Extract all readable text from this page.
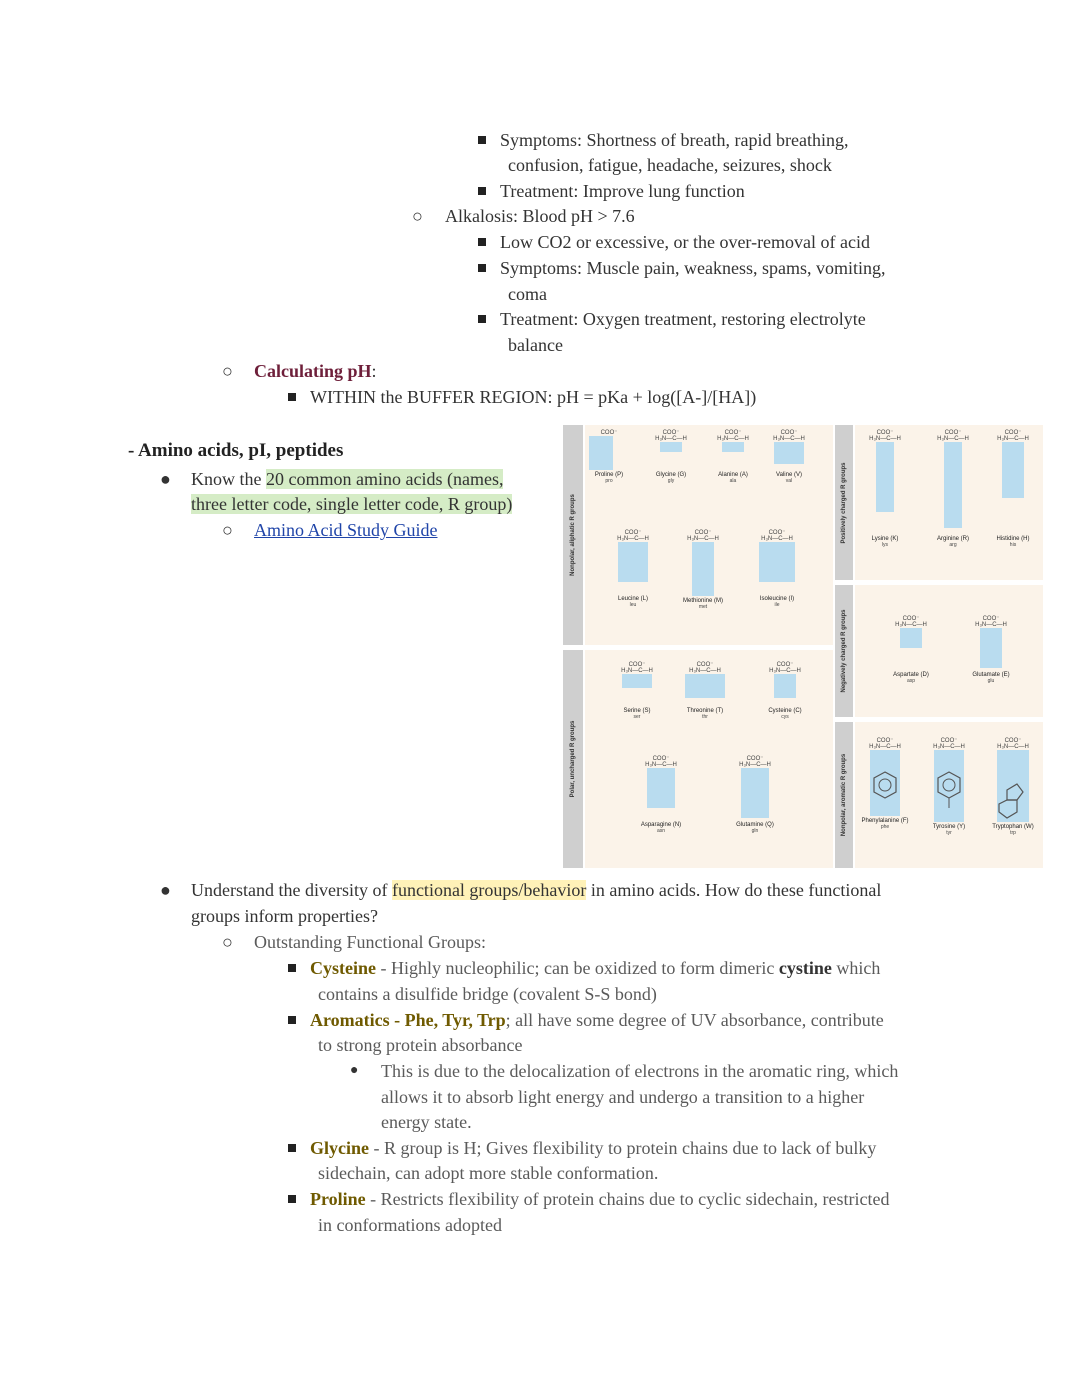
Symptoms: Shortness of breath, rapid breathing,
confusion, fatigue, headache, seizures, shock
Treatment: Improve lung function
○ Alkalosis: Blood pH > 7.6
Low CO2 or excessive, or the over-removal of acid
Symptoms: Muscle pain, weakness, spams, vomiting,
coma
Treatment: Oxygen treatment, restoring electrolyte
balance
○ Calculating pH:
WITHIN the BUFFER REGION: pH = pKa + log([A-]/[HA])
- Amino acids, pI, peptides
● Know the 20 common amino acids (names,
three letter code, single letter code, R group)
○ Amino Acid Study Guide	Nonpolar, aliphatic R groups
Polar, uncharged R groups
Positively charged R groups
Negatively charged R groups
Nonpolar, aromatic R groups
COO⁻
Proline (P)
pro
COO⁻
H₃N—C—H
Glycine (G)
gly
COO⁻
H₃N—C—H
Alanine (A)
ala
COO⁻
H₃N—C—H
Valine (V)
val
COO⁻
H₃N—C—H
Leucine (L)
leu
COO⁻
H₃N—C—H
Methionine (M)
met
COO⁻
H₃N—C—H
Isoleucine (I)
ile
COO⁻
H₃N—C—H
Serine (S)
ser
COO⁻
H₃N—C—H
Threonine (T)
thr
COO⁻
H₃N—C—H
Cysteine (C)
cys
COO⁻
H₃N—C—H
Asparagine (N)
asn
COO⁻
H₃N—C—H
Glutamine (Q)
gln
COO⁻
H₃N—C—H
Lysine (K)
lys
COO⁻
H₃N—C—H
Arginine (R)
arg
COO⁻
H₃N—C—H
Histidine (H)
his
COO⁻
H₃N—C—H
Aspartate (D)
asp
COO⁻
H₃N—C—H
Glutamate (E)
glu
COO⁻
H₃N—C—H
Phenylalanine (F)
phe
COO⁻
H₃N—C—H
Tyrosine (Y)
tyr
COO⁻
H₃N—C—H
Tryptophan (W)
trp
● Understand the diversity of functional groups/behavior in amino acids. How do these functional
groups inform properties?
○ Outstanding Functional Groups:
Cysteine - Highly nucleophilic; can be oxidized to form dimeric cystine which
contains a disulfide bridge (covalent S-S bond)
Aromatics - Phe, Tyr, Trp; all have some degree of UV absorbance, contribute
to strong protein absorbance
● This is due to the delocalization of electrons in the aromatic ring, which
allows it to absorb light energy and undergo a transition to a higher
energy state.
Glycine - R group is H; Gives flexibility to protein chains due to lack of bulky
sidechain, can adopt more stable conformation.
Proline - Restricts flexibility of protein chains due to cyclic sidechain, restricted
in conformations adopted
